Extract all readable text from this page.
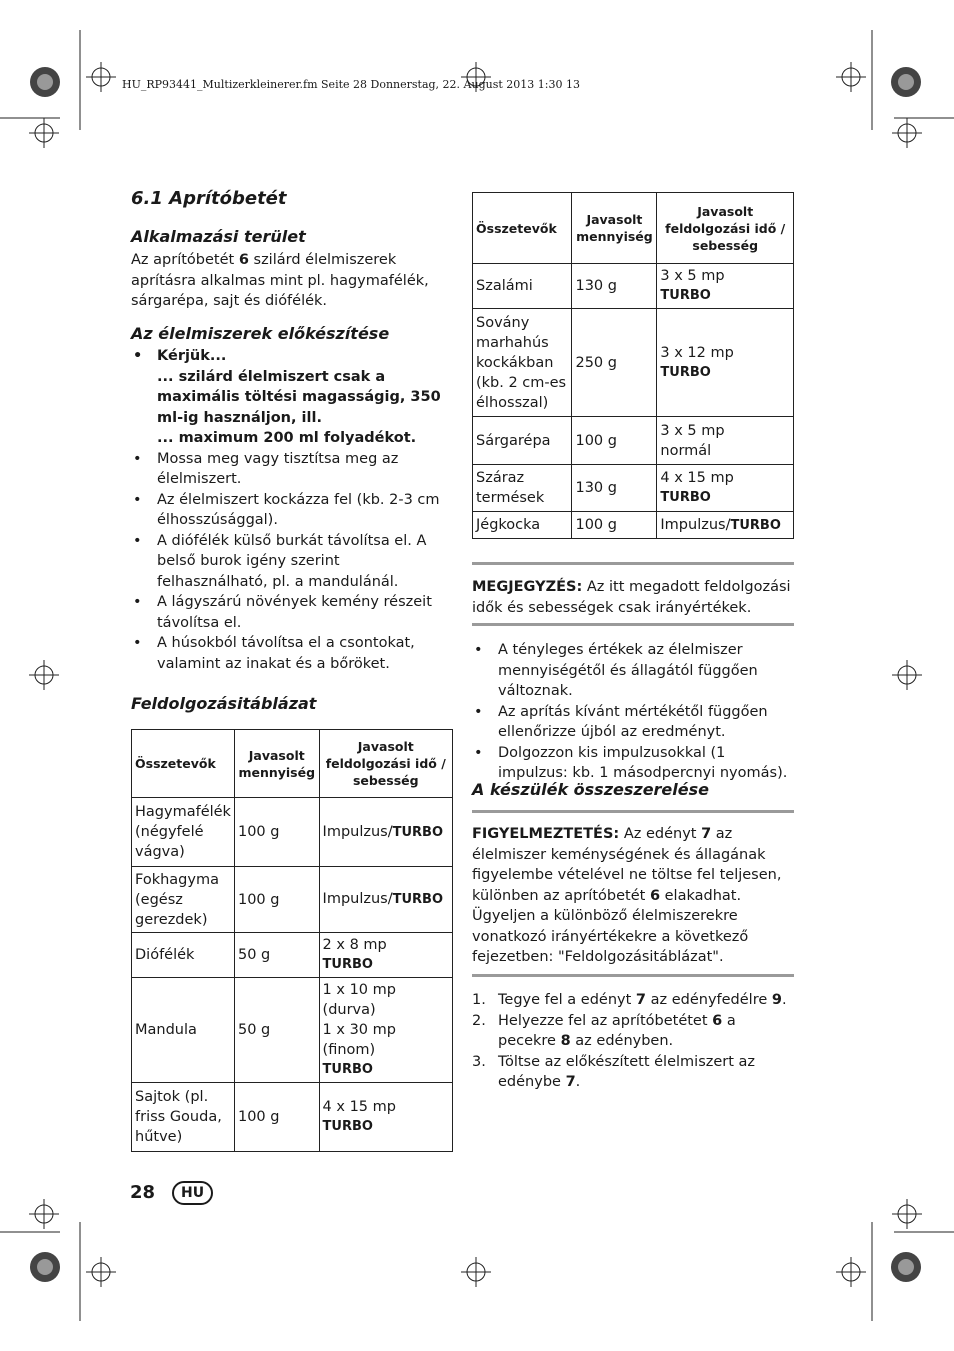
HU_RP93441_Multizerkleinerer.fm Seite 28 Donnerstag, 22. August 2013 1:30 13
6.1 Aprítóbetét
Alkalmazási terület
Az aprítóbetét 6 szilárd élelmiszerek aprításra alkalmas mint pl. hagymafélék, sárgarépa, sajt és diófélék.
Az élelmiszerek előkészítése
• Kérjük...
... szilárd élelmiszert csak a maximális töltési magasságig, 350 ml-ig használjon, ill.
... maximum 200 ml folyadékot.
• Mossa meg vagy tisztítsa meg az élelmiszert.
• Az élelmiszert kockázza fel (kb. 2-3 cm élhosszúsággal).
• A diófélék külső burkát távolítsa el. A belső burok igény szerint felhasználható, pl. a mandulánál.
• A lágyszárú növények kemény részeit távolítsa el.
• A húsokból távolítsa el a csontokat, valamint az inakat és a bőröket.
Feldolgozásitáblázat
Összetevők	Javasolt mennyiség	Javasolt feldolgozási idő / sebesség
Hagymafélék (négyfelé vágva)	100 g	Impulzus/TURBO
Fokhagyma (egész gerezdek)	100 g	Impulzus/TURBO
Diófélék	50 g	2 x 8 mp
TURBO

Mandula	50 g	1 x 10 mp (durva)
1 x 30 mp (finom)
TURBO

Sajtok (pl. friss Gouda, hűtve)	100 g	4 x 15 mp
TURBO
Összetevők	Javasolt mennyiség	Javasolt feldolgozási idő / sebesség
Szalámi	130 g	3 x 5 mp
TURBO

Sovány marhahús kockákban (kb. 2 cm-es élhosszal)	250 g	3 x 12 mp
TURBO

Sárgarépa	100 g	3 x 5 mp
normál

Száraz termések	130 g	4 x 15 mp
TURBO

Jégkocka	100 g	Impulzus/TURBO
MEGJEGYZÉS: Az itt megadott feldolgozási idők és sebességek csak irányértékek.
• A tényleges értékek az élelmiszer mennyiségétől és állagától függően változnak.
• Az aprítás kívánt mértékétől függően ellenőrizze újból az eredményt.
• Dolgozzon kis impulzusokkal (1 impulzus: kb. 1 másodpercnyi nyomás).
A készülék összeszerelése
FIGYELMEZTETÉS: Az edényt 7 az élelmiszer keménységének és állagának figyelembe vételével ne töltse fel teljesen, különben az aprítóbetét 6 elakadhat. Ügyeljen a különböző élelmiszerekre vonatkozó irányértékekre a következő fejezetben: "Feldolgozásitáblázat".
1. Tegye fel a edényt 7 az edényfedélre 9.
2. Helyezze fel az aprítóbetétet 6 a pecekre 8 az edényben.
3. Töltse az előkészített élelmiszert az edénybe 7.
28	HU
